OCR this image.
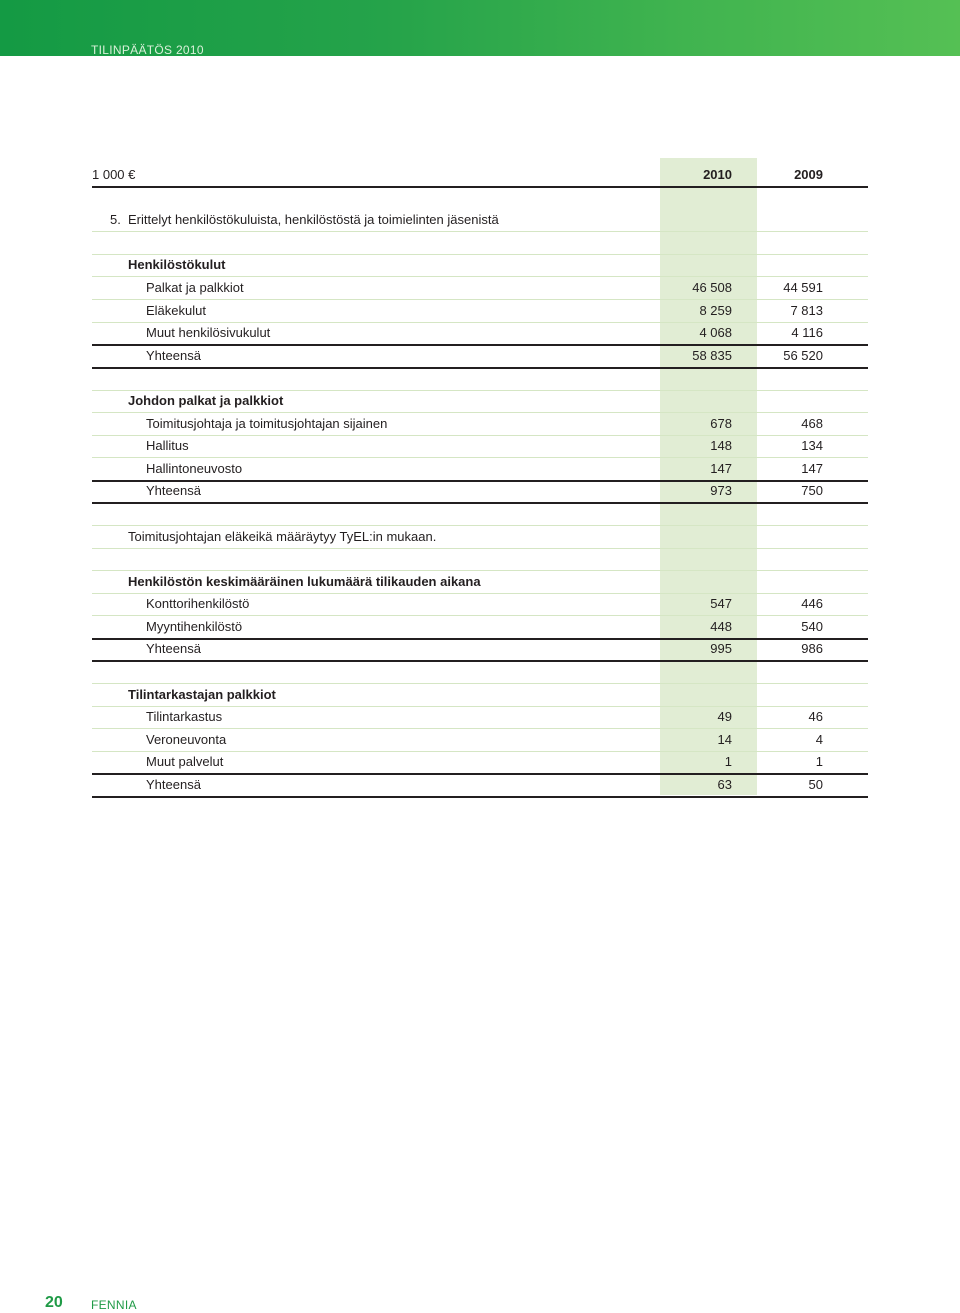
TILINPÄÄTÖS 2010
1 000 €	2010	2009
5. Erittelyt henkilöstökuluista, henkilöstöstä ja toimielinten jäsenistä
Henkilöstökulut
Palkat ja palkkiot	46 508	44 591
Eläkekulut	8 259	7 813
Muut henkilösivukulut	4 068	4 116
Yhteensä	58 835	56 520
Johdon palkat ja palkkiot
Toimitusjohtaja ja toimitusjohtajan sijainen	678	468
Hallitus	148	134
Hallintoneuvosto	147	147
Yhteensä	973	750
Toimitusjohtajan eläkeikä määräytyy TyEL:in mukaan.
Henkilöstön keskimääräinen lukumäärä tilikauden aikana
Konttorihenkilöstö	547	446
Myyntihenkilöstö	448	540
Yhteensä	995	986
Tilintarkastajan palkkiot
Tilintarkastus	49	46
Veroneuvonta	14	4
Muut palvelut	1	1
Yhteensä	63	50
20 FENNIA
